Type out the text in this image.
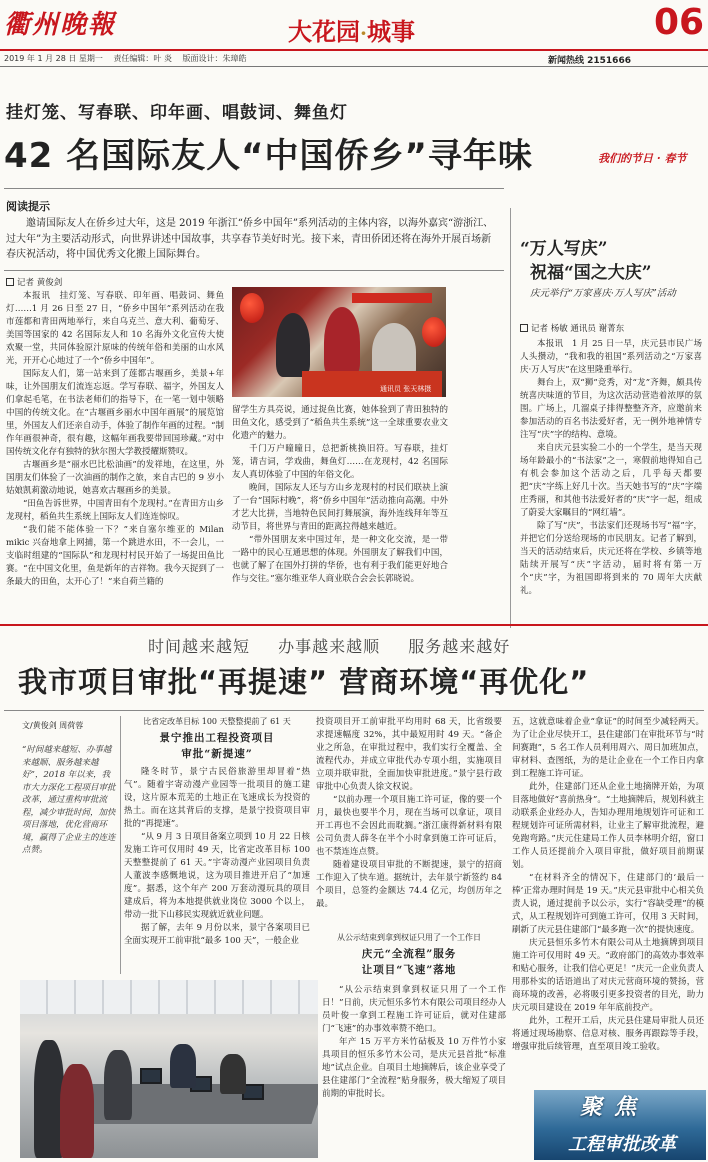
衢州晚報	大花园·城事	06
2019 年 1 月 28 日 星期一 责任编辑：叶 炎 版面设计：朱璋皓	新闻热线 2151666
挂灯笼、写春联、印年画、唱鼓词、舞鱼灯
42 名国际友人“中国侨乡”寻年味	我们的节日 · 春节
阅读提示
邀请国际友人在侨乡过大年，这是 2019 年浙江“侨乡中国年”系列活动的主体内容，以海外嘉宾“游浙江、过大年”为主要活动形式，向世界讲述中国故事，共享春节美好时光。接下来，青田侨团还将在海外开展百场新春庆祝活动，将中国优秀文化搬上国际舞台。
记者 黄俊剑

本报讯　挂灯笼、写春联、印年画、唱鼓词、舞鱼灯……1 月 26 日至 27 日，“侨乡中国年”系列活动在我市莲都和青田两地举行，来自乌克兰、意大利、葡萄牙、美国等国家的 42 名国际友人和 10 名海外文化宣传大使欢聚一堂，共同体验原汁原味的传统年俗和美丽的山水风光，开开心心地过了一个“侨乡中国年”。

国际友人们，第一站来到了莲都古堰画乡，美景+年味，让外国朋友们流连忘返。学写春联、福字，外国友人们拿起毛笔，在书法老师们的指导下，在一笔一划中领略中国的传统文化。在“古堰画乡丽水中国年画展”的展览馆里，外国友人们还亲自动手，体验了制作年画的过程。“制作年画很神奇，很有趣，这幅年画我要带回国珍藏。”对中国传统文化存有独特的狄尔图大学教授耀斯赞叹。

古堰画乡是“丽水巴比松油画”的发祥地，在这里，外国朋友们体验了一次油画的制作之旅，来自古巴的 9 岁小姑娘凯莉激动地说，她喜欢古堰画乡的美景。

“田鱼告诉世界，中国青田有个龙现村。”在青田方山乡龙现村，稻鱼共生系统上国际友人们连连惊叹。

“我们能不能体验一下？”来自塞尔维亚的 Milan mikic 兴奋地拿上网捕，第一个跳进水田，不一会儿，一支临时组建的“国际队”和龙现村村民开始了一场捉田鱼比赛。“在中国文化里，鱼是新年的吉祥物。我今天捉到了一条最大的田鱼，太开心了！”来自荷兰籍的

通讯员 张天林摄

留学生方具亮说，通过捉鱼比赛，她体验到了青田独特的田鱼文化，感受到了“稻鱼共生系统”这一全球重要农业文化遗产的魅力。

千门万户曈曈日，总把新桃换旧符。写春联，挂灯笼，请吉词，学戏曲，舞鱼灯……在龙现村，42 名国际友人真切体验了中国的年俗文化。

晚间，国际友人还与方山乡龙现村的村民们联袂上演了一台“国际村晚”，将“侨乡中国年”活动推向高潮。中外才艺大比拼，当地特色民间打舞展演，海外连线拜年等互动节目，将世界与青田的距离拉得越来越近。

“带外国朋友来中国过年，是一种文化交流，是一带一路中的民心互通思想的体现。外国朋友了解我们中国，也就了解了在国外打拼的华侨，也有利于我们能更好地合作与交往。”塞尔维亚华人商业联合会会长郭晓说。

“万人写庆”
祝福“国之大庆”
庆元举行“万家喜庆·万人写庆”活动
记者 杨敏 通讯员 谢菁东

本报讯　1 月 25 日一早，庆元县市民广场人头攒动，“我和我的祖国”系列活动之“万家喜庆·万人写庆”在这里隆重举行。

舞台上，双“狮”竞秀，对“龙”齐舞，颇具传统喜庆味道的节目，为这次活动营造着浓厚的氛围。广场上，几溜桌子排得整整齐齐，应邀前来参加活动的百名书法爱好者，无一例外地神情专注写“庆”字的结构、意境。

来自庆元县实验二小的一个学生，是当天现场年龄最小的“书法家”之一，寒假前地得知自己有机会参加这个活动之后，几乎每天都要把“庆”字练上好几十次。当天她书写的“庆”字端庄秀丽，和其他书法爱好者的“庆”字一起，组成了蔚妥大家瞩目的“网红墙”。

除了写“庆”，书法家们还现场书写“福”字，并把它们分送给现场的市民朋友。记者了解到，当天的活动结束后，庆元还将在学校、乡镇等地陆续开展写“庆”字活动，届时将有第一万个“庆”字，为祖国即将到来的 70 周年大庆献礼。

时间越来越短 办事越来越顺 服务越来越好
我市项目审批“再提速” 营商环境“再优化”
文/黄俊剑 周荷蓉
“时间越来越短、办事越来越顺、服务越来越好”，2018 年以来，我市大力深化工程项目审批改革，通过重构审批流程，减少审批时间，加快项目落地，优化营商环境，赢得了企业主的连连点赞。
比省定改革目标 100 天整整提前了 61 天
景宁推出工程投资项目
审批“新提速”

隆冬时节，景宁古民俗旅游里却冒着“热气”。随着宇寄动漫产业园等一批项目的施工建设，这片原本荒芜的土地正在飞速成长为投资的热土。而在这其背后的支撑，是景宁投资项目审批的“再提速”。

“从 9 月 3 日项目备案立项到 10 月 22 日核发施工许可仅用时 49 天，比省定改革目标 100 天整整提前了 61 天。”宇寄动漫产业园项目负责人董波李感慨地说，这为项目推进开启了“加速度”。据悉，这个年产 200 万套动漫玩具的项目建成后，将为本地提供就业岗位 3000 个以上，带动一批下山移民实现就近就业问题。

据了解，去年 9 月份以来，景宁各案项目已全面实现开工前审批“最多 100 天”，一般企业

投资项目开工前审批平均用时 68 天，比省级要求提速幅度 32%，其中最短用时 49 天。“备企业之所急，在审批过程中，我们实行全覆盖、全流程代办，并成立审批代办专项小组，实施项目立项并联审批，全面加快审批进度。”景宁县行政审批中心负责人徐文权说。

“以前办理一个项目施工许可证，像的要一个月，最快也要半个月，现在当场可以拿证，项目开工再也不会因此而耽搁。”浙江康得新材料有限公司负责人薛冬在半个小时拿到施工许可证后，也不禁连连点赞。

随着建设项目审批的不断提速，景宁的招商工作迎入了快车道。据统计，去年景宁新签约 84 个项目，总签约金额达 74.4 亿元，均创历年之最。

从公示结束到拿到权证只用了一个工作日
庆元“全流程”服务
让项目“飞速”落地

“从公示结束到拿到权证只用了一个工作日！”日前，庆元恒乐多竹木有限公司项目经办人员叶俊一拿到工程施工许可证后，就对住建部门“飞速”的办事效率赞不绝口。

年产 15 万平方米竹砧板及 10 万件竹小家具项目的恒乐多竹木公司，是庆元县首批“标准地”试点企业。自项目土地摘牌后，该企业享受了县住建部门“全流程”贴身服务，极大缩短了项目前期的审批时长。

五，这就意味着企业“拿证”的时间至少减轻两天。为了让企业尽快开工，县住建部门在审批环节与“时间赛跑”，5 名工作人员利用周六、周日加班加点，审材料、查图纸，为的是让企业在一个工作日内拿到工程施工许可证。

此外，住建部门还从企业土地摘牌开始，为项目落地做好“喜前热身”。“土地摘牌后，规划科就主动联系企业经办人，告知办理用地规划许可证和工程规划许可证所需材料，让业主了解审批流程，避免跑弯路。”庆元住建局工作人员李林明介绍，窗口工作人员还提前介入项目审批，做好项目前期谋划。

“在材料齐全的情况下，住建部门的‘最后一棒’正常办理时间是 19 天。”庆元县审批中心相关负责人说，通过提前予以公示，实行“容缺受理”的模式，从工程规划许可到施工许可，仅用 3 天时间，刷新了庆元县住建部门“最多跑一次”的提快速度。

庆元县恒乐多竹木有限公司从土地摘牌到项目施工许可仅用时 49 天。“政府部门的高效办事效率和贴心服务，让我们信心更足！”庆元一企业负责人用那朴实的话语道出了对庆元营商环境的赞扬，营商环境的改善，必将吸引更多投资者的目光，助力庆元项目建设在 2019 年年底前投产。

此外，工程开工后，庆元县住建局审批人员还将通过现场勘察、信息对核、服务再跟踪等手段，增强审批后续管理，直至项目竣工验收。

聚焦
工程审批改革
